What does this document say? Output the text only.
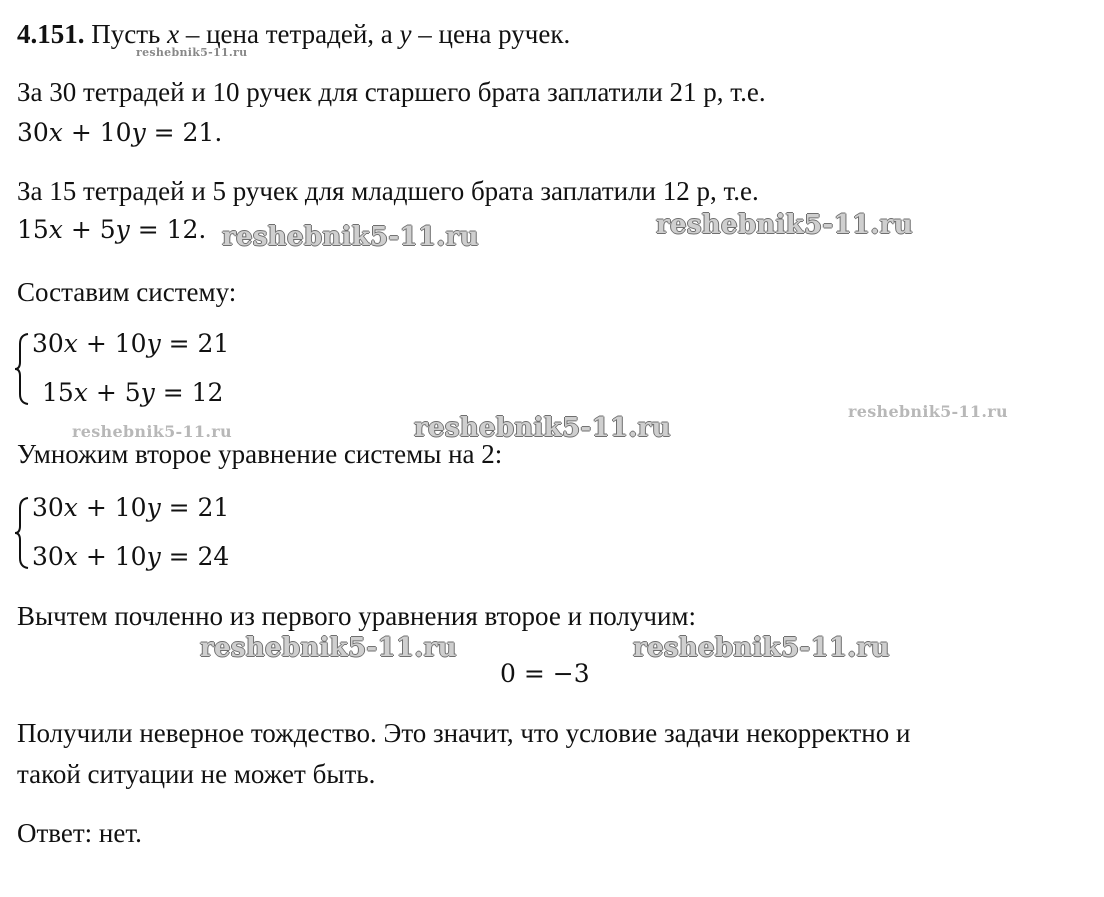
4.151. Пусть x – цена тетрадей, а y – цена ручек.

За 30 тетрадей и 10 ручек для старшего брата заплатили 21 р, т.е.

30𝑥 + 10𝑦 = 21.

За 15 тетрадей и 5 ручек для младшего брата заплатили 12 р, т.е.

15𝑥 + 5𝑦 = 12.

Составим систему:

30𝑥 + 10𝑦 = 21

15𝑥 + 5𝑦 = 12

Умножим второе уравнение системы на 2:

30𝑥 + 10𝑦 = 21

30𝑥 + 10𝑦 = 24

Вычтем почленно из первого уравнения второе и получим:

0 = −3

Получили неверное тождество. Это значит, что условие задачи некорректно и

такой ситуации не может быть.

Ответ: нет.

reshebnik5-11.ru
reshebnik5-11.ru	reshebnik5-11.ru
reshebnik5-11.ru
reshebnik5-11.ru
reshebnik5-11.ru
reshebnik5-11.ru	reshebnik5-11.ru
